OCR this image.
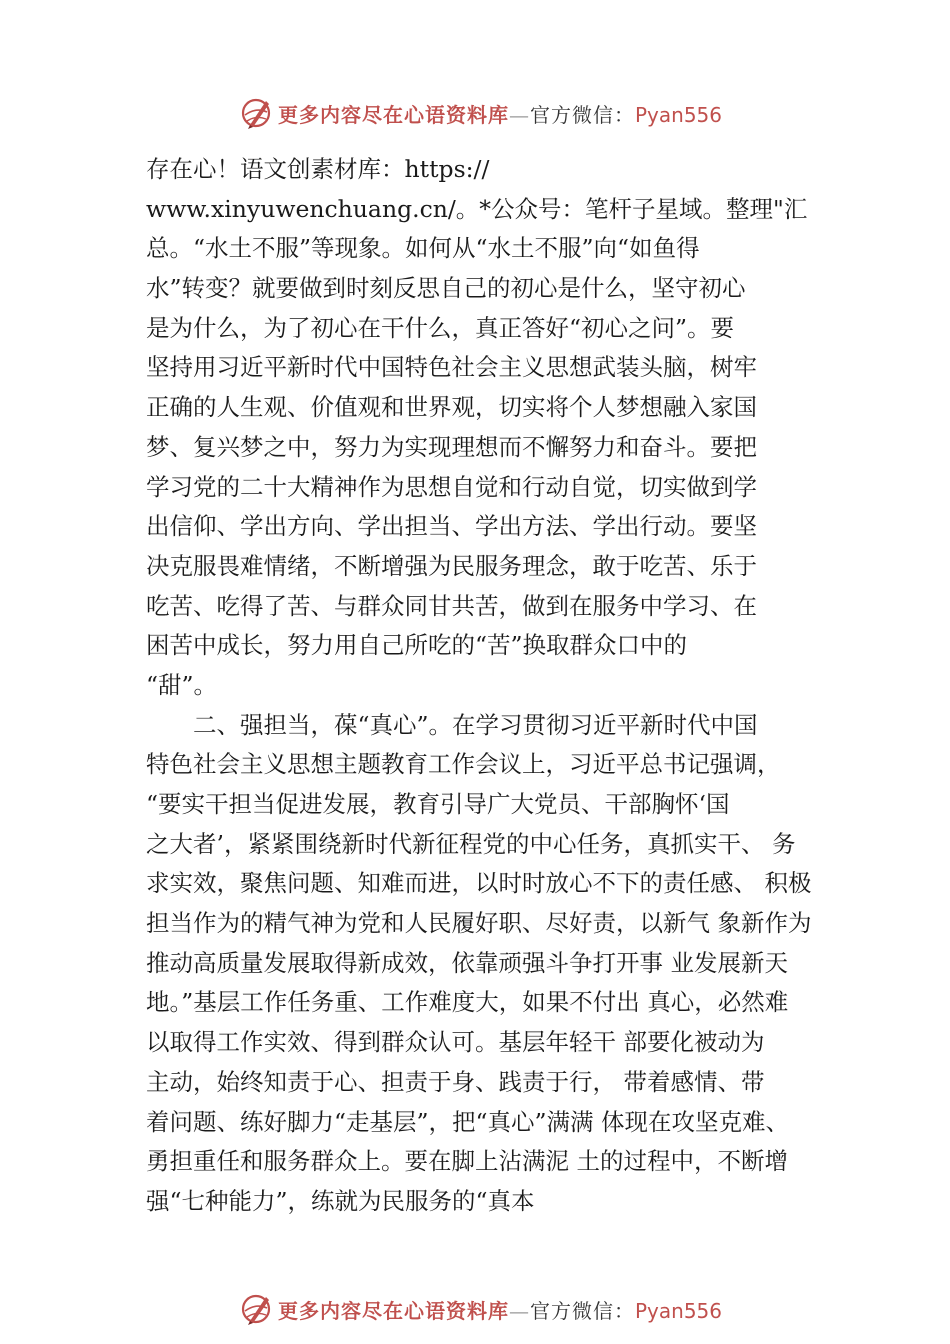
更多内容尽在心语资料库—官方微信：Pyan556
存在心！语文创素材库：https://
www.xinyuwenchuang.cn/。*公众号：笔杆子星域。整理"汇
总。“水土不服”等现象。如何从“水土不服”向“如鱼得
水”转变？就要做到时刻反思自己的初心是什么，坚守初心
是为什么，为了初心在干什么，真正答好“初心之问”。要
坚持用习近平新时代中国特色社会主义思想武装头脑，树牢
正确的人生观、价值观和世界观，切实将个人梦想融入家国
梦、复兴梦之中，努力为实现理想而不懈努力和奋斗。要把
学习党的二十大精神作为思想自觉和行动自觉，切实做到学
出信仰、学出方向、学出担当、学出方法、学出行动。要坚
决克服畏难情绪，不断增强为民服务理念，敢于吃苦、乐于
吃苦、吃得了苦、与群众同甘共苦，做到在服务中学习、在
困苦中成长，努力用自己所吃的“苦”换取群众口中的
“甜”。
　　二、强担当，葆“真心”。在学习贯彻习近平新时代中国
特色社会主义思想主题教育工作会议上，习近平总书记强调，
“要实干担当促进发展，教育引导广大党员、干部胸怀‘国
之大者’，紧紧围绕新时代新征程党的中心任务，真抓实干、 务
求实效，聚焦问题、知难而进，以时时放心不下的责任感、 积极
担当作为的精气神为党和人民履好职、尽好责，以新气 象新作为
推动高质量发展取得新成效，依靠顽强斗争打开事 业发展新天
地。”基层工作任务重、工作难度大，如果不付出 真心，必然难
以取得工作实效、得到群众认可。基层年轻干 部要化被动为
主动，始终知责于心、担责于身、践责于行， 带着感情、带
着问题、练好脚力“走基层”，把“真心”满满 体现在攻坚克难、
勇担重任和服务群众上。要在脚上沾满泥 土的过程中，不断增
强“七种能力”，练就为民服务的“真本
更多内容尽在心语资料库—官方微信：Pyan556
